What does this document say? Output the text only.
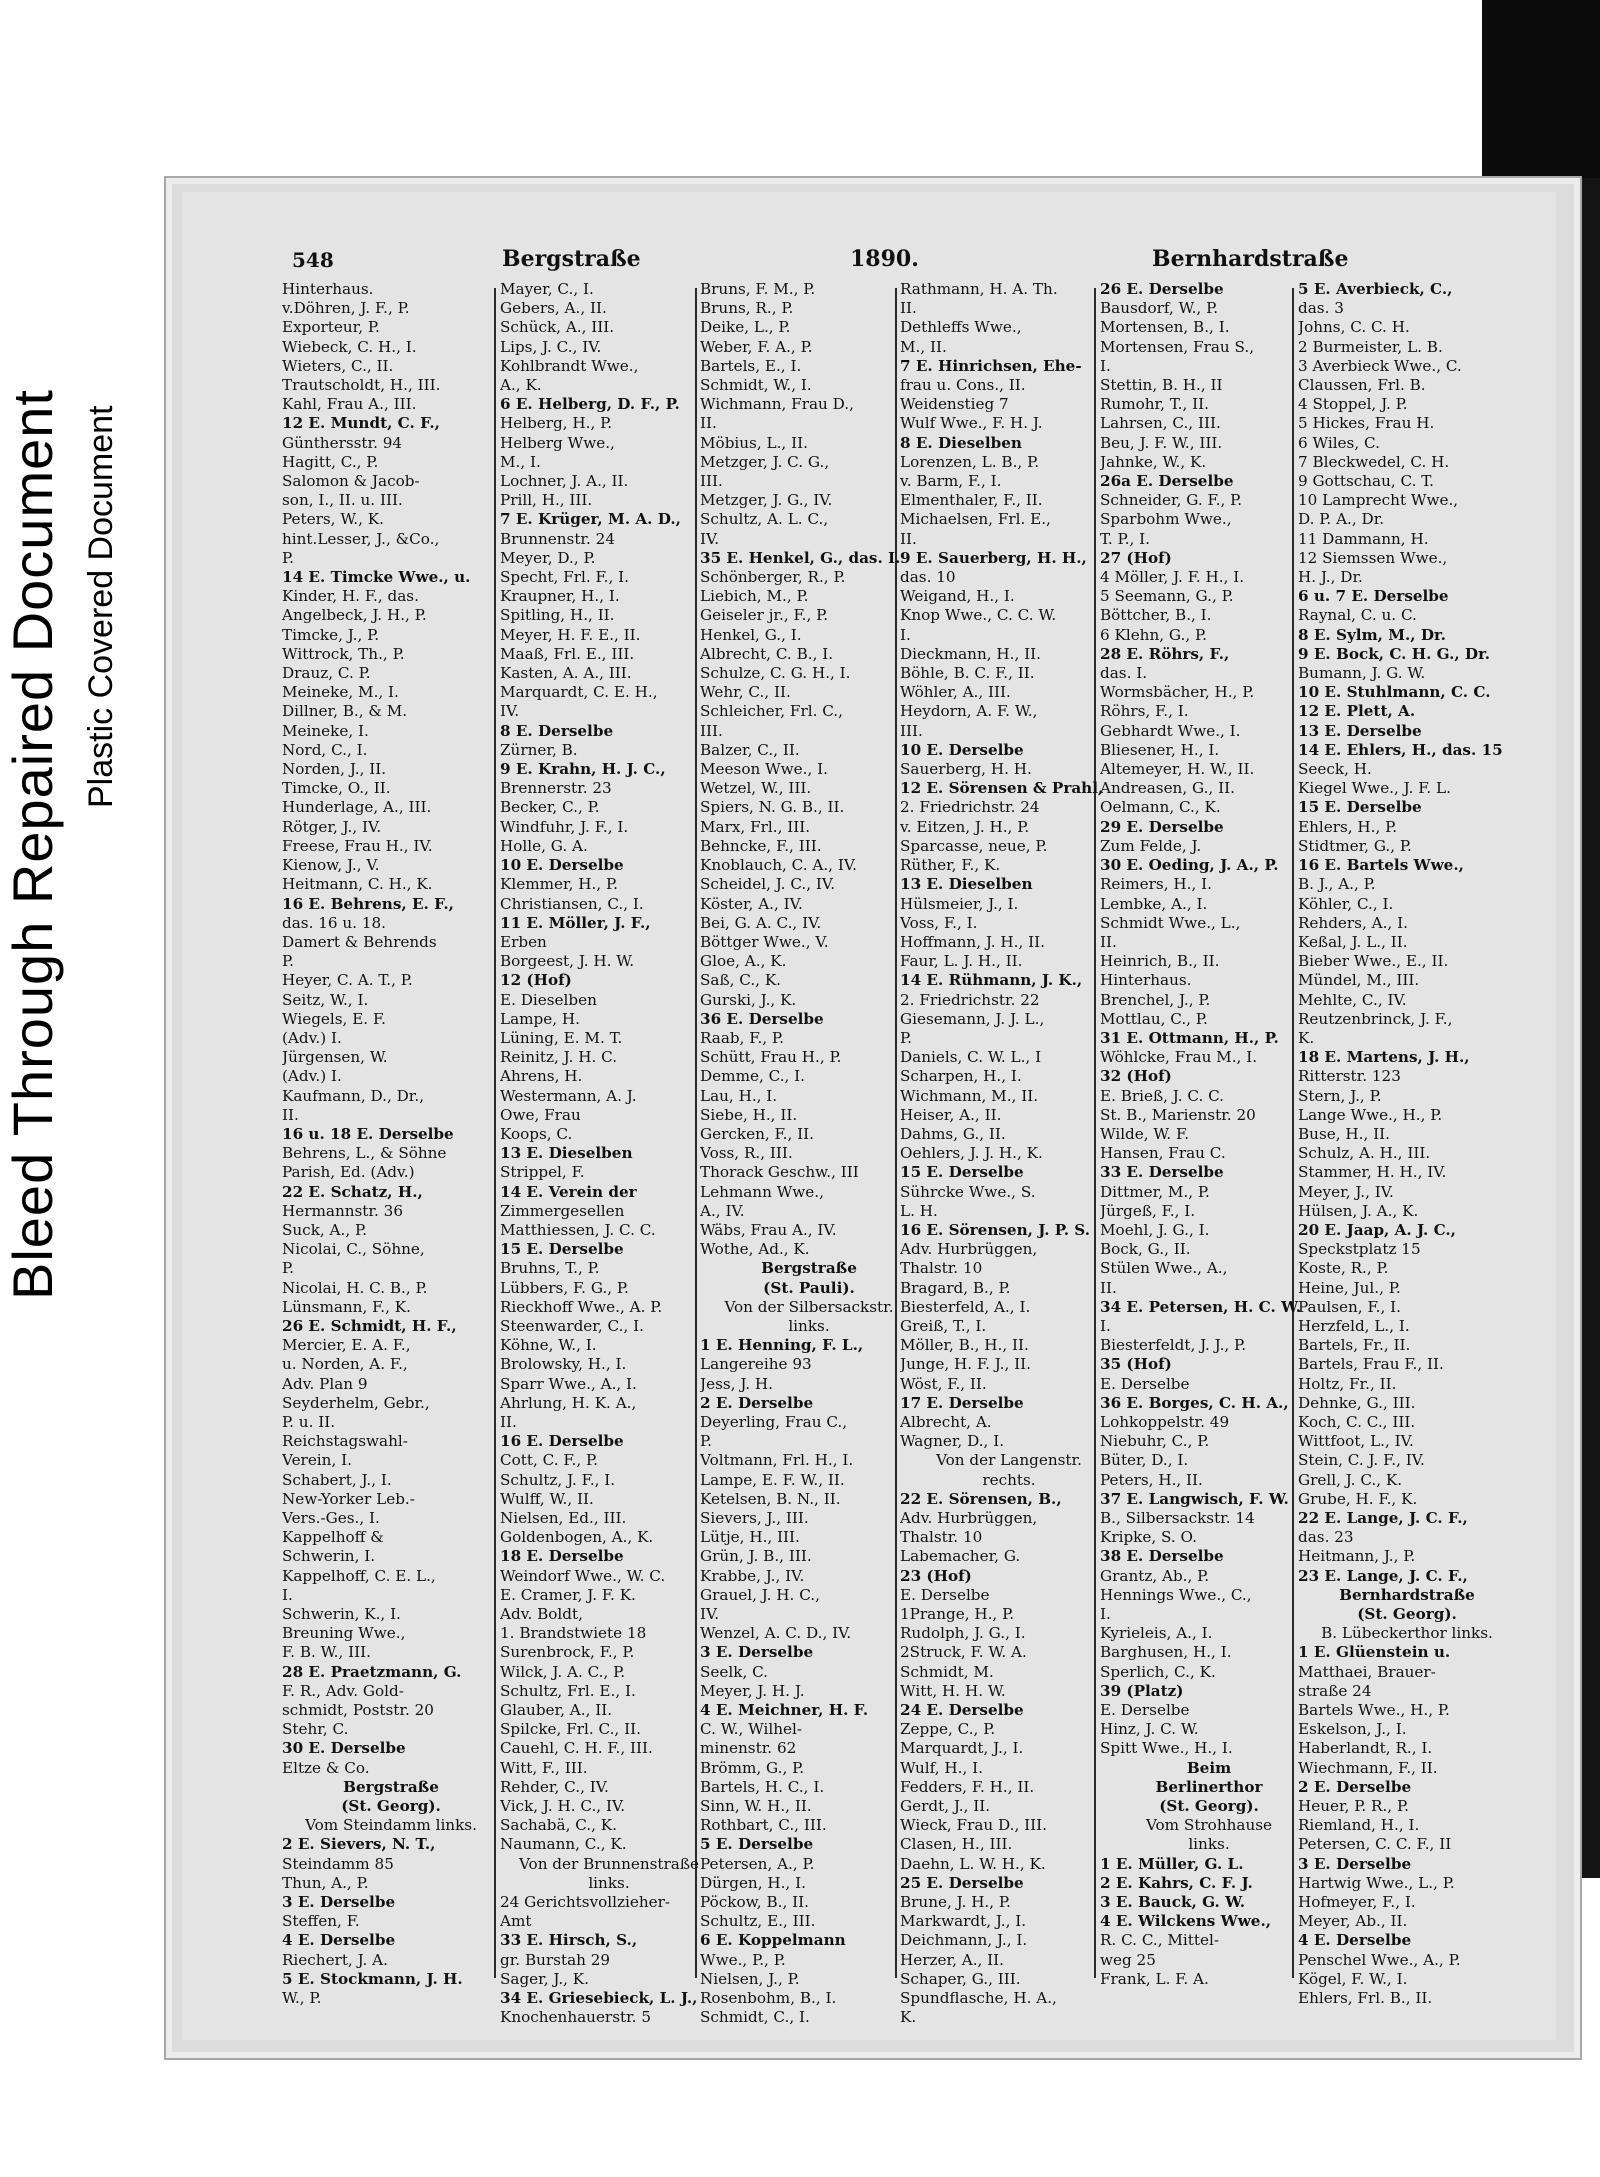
Bleed Through Repaired Document Plastic Covered Document
548	Bergstraße	1890.	Bernhardstraße
Hinterhaus.
v.Döhren, J. F., P.
Exporteur, P.
Wiebeck, C. H., I.
Wieters, C., II.
Trautscholdt, H., III.
Kahl, Frau A., III.
12 E. Mundt, C. F.,
Günthersstr. 94
Hagitt, C., P.
Salomon & Jacob-
son, I., II. u. III.
Peters, W., K.
hint.Lesser, J., &Co.,
P.
14 E. Timcke Wwe., u.
Kinder, H. F., das.
Angelbeck, J. H., P.
Timcke, J., P.
Wittrock, Th., P.
Drauz, C. P.
Meineke, M., I.
Dillner, B., & M.
Meineke, I.
Nord, C., I.
Norden, J., II.
Timcke, O., II.
Hunderlage, A., III.
Rötger, J., IV.
Freese, Frau H., IV.
Kienow, J., V.
Heitmann, C. H., K.
16 E. Behrens, E. F.,
das. 16 u. 18.
Damert & Behrends
P.
Heyer, C. A. T., P.
Seitz, W., I.
Wiegels, E. F.
(Adv.) I.
Jürgensen, W.
(Adv.) I.
Kaufmann, D., Dr.,
II.
16 u. 18 E. Derselbe
Behrens, L., & Söhne
Parish, Ed. (Adv.)
22 E. Schatz, H.,
Hermannstr. 36
Suck, A., P.
Nicolai, C., Söhne,
P.
Nicolai, H. C. B., P.
Lünsmann, F., K.
26 E. Schmidt, H. F.,
Mercier, E. A. F.,
u. Norden, A. F.,
Adv. Plan 9
Seyderhelm, Gebr.,
P. u. II.
Reichstagswahl-
Verein, I.
Schabert, J., I.
New-Yorker Leb.-
Vers.-Ges., I.
Kappelhoff &
Schwerin, I.
Kappelhoff, C. E. L.,
I.
Schwerin, K., I.
Breuning Wwe.,
F. B. W., III.
28 E. Praetzmann, G.
F. R., Adv. Gold-
schmidt, Poststr. 20
Stehr, C.
30 E. Derselbe
Eltze & Co.
Bergstraße
(St. Georg).
Vom Steindamm links.
2 E. Sievers, N. T.,
Steindamm 85
Thun, A., P.
3 E. Derselbe
Steffen, F.
4 E. Derselbe
Riechert, J. A.
5 E. Stockmann, J. H.
W., P.
Mayer, C., I.
Gebers, A., II.
Schück, A., III.
Lips, J. C., IV.
Kohlbrandt Wwe.,
A., K.
6 E. Helberg, D. F., P.
Helberg, H., P.
Helberg Wwe.,
M., I.
Lochner, J. A., II.
Prill, H., III.
7 E. Krüger, M. A. D.,
Brunnenstr. 24
Meyer, D., P.
Specht, Frl. F., I.
Kraupner, H., I.
Spitling, H., II.
Meyer, H. F. E., II.
Maaß, Frl. E., III.
Kasten, A. A., III.
Marquardt, C. E. H.,
IV.
8 E. Derselbe
Zürner, B.
9 E. Krahn, H. J. C.,
Brennerstr. 23
Becker, C., P.
Windfuhr, J. F., I.
Holle, G. A.
10 E. Derselbe
Klemmer, H., P.
Christiansen, C., I.
11 E. Möller, J. F.,
Erben
Borgeest, J. H. W.
12 (Hof)
E. Dieselben
Lampe, H.
Lüning, E. M. T.
Reinitz, J. H. C.
Ahrens, H.
Westermann, A. J.
Owe, Frau
Koops, C.
13 E. Dieselben
Strippel, F.
14 E. Verein der
Zimmergesellen
Matthiessen, J. C. C.
15 E. Derselbe
Bruhns, T., P.
Lübbers, F. G., P.
Rieckhoff Wwe., A. P.
Steenwarder, C., I.
Köhne, W., I.
Brolowsky, H., I.
Sparr Wwe., A., I.
Ahrlung, H. K. A.,
II.
16 E. Derselbe
Cott, C. F., P.
Schultz, J. F., I.
Wulff, W., II.
Nielsen, Ed., III.
Goldenbogen, A., K.
18 E. Derselbe
Weindorf Wwe., W. C.
E. Cramer, J. F. K.
Adv. Boldt,
1. Brandstwiete 18
Surenbrock, F., P.
Wilck, J. A. C., P.
Schultz, Frl. E., I.
Glauber, A., II.
Spilcke, Frl. C., II.
Cauehl, C. H. F., III.
Witt, F., III.
Rehder, C., IV.
Vick, J. H. C., IV.
Sachabä, C., K.
Naumann, C., K.
Von der Brunnenstraße
links.
24 Gerichtsvollzieher-
Amt
33 E. Hirsch, S.,
gr. Burstah 29
Sager, J., K.
34 E. Griesebieck, L. J.,
Knochenhauerstr. 5
Bruns, F. M., P.
Bruns, R., P.
Deike, L., P.
Weber, F. A., P.
Bartels, E., I.
Schmidt, W., I.
Wichmann, Frau D.,
II.
Möbius, L., II.
Metzger, J. C. G.,
III.
Metzger, J. G., IV.
Schultz, A. L. C.,
IV.
35 E. Henkel, G., das. I.
Schönberger, R., P.
Liebich, M., P.
Geiseler jr., F., P.
Henkel, G., I.
Albrecht, C. B., I.
Schulze, C. G. H., I.
Wehr, C., II.
Schleicher, Frl. C.,
III.
Balzer, C., II.
Meeson Wwe., I.
Wetzel, W., III.
Spiers, N. G. B., II.
Marx, Frl., III.
Behncke, F., III.
Knoblauch, C. A., IV.
Scheidel, J. C., IV.
Köster, A., IV.
Bei, G. A. C., IV.
Böttger Wwe., V.
Gloe, A., K.
Saß, C., K.
Gurski, J., K.
36 E. Derselbe
Raab, F., P.
Schütt, Frau H., P.
Demme, C., I.
Lau, H., I.
Siebe, H., II.
Gercken, F., II.
Voss, R., III.
Thorack Geschw., III
Lehmann Wwe.,
A., IV.
Wäbs, Frau A., IV.
Wothe, Ad., K.
Bergstraße
(St. Pauli).
Von der Silbersackstr.
links.
1 E. Henning, F. L.,
Langereihe 93
Jess, J. H.
2 E. Derselbe
Deyerling, Frau C.,
P.
Voltmann, Frl. H., I.
Lampe, E. F. W., II.
Ketelsen, B. N., II.
Sievers, J., III.
Lütje, H., III.
Grün, J. B., III.
Krabbe, J., IV.
Grauel, J. H. C.,
IV.
Wenzel, A. C. D., IV.
3 E. Derselbe
Seelk, C.
Meyer, J. H. J.
4 E. Meichner, H. F.
C. W., Wilhel-
minenstr. 62
Brömm, G., P.
Bartels, H. C., I.
Sinn, W. H., II.
Rothbart, C., III.
5 E. Derselbe
Petersen, A., P.
Dürgen, H., I.
Pöckow, B., II.
Schultz, E., III.
6 E. Koppelmann
Wwe., P., P.
Nielsen, J., P.
Rosenbohm, B., I.
Schmidt, C., I.
Rathmann, H. A. Th.
II.
Dethleffs Wwe.,
M., II.
7 E. Hinrichsen, Ehe-
frau u. Cons., II.
Weidenstieg 7
Wulf Wwe., F. H. J.
8 E. Dieselben
Lorenzen, L. B., P.
v. Barm, F., I.
Elmenthaler, F., II.
Michaelsen, Frl. E.,
II.
9 E. Sauerberg, H. H.,
das. 10
Weigand, H., I.
Knop Wwe., C. C. W.
I.
Dieckmann, H., II.
Böhle, B. C. F., II.
Wöhler, A., III.
Heydorn, A. F. W.,
III.
10 E. Derselbe
Sauerberg, H. H.
12 E. Sörensen & Prahl,
2. Friedrichstr. 24
v. Eitzen, J. H., P.
Sparcasse, neue, P.
Rüther, F., K.
13 E. Dieselben
Hülsmeier, J., I.
Voss, F., I.
Hoffmann, J. H., II.
Faur, L. J. H., II.
14 E. Rühmann, J. K.,
2. Friedrichstr. 22
Giesemann, J. J. L.,
P.
Daniels, C. W. L., I
Scharpen, H., I.
Wichmann, M., II.
Heiser, A., II.
Dahms, G., II.
Oehlers, J. J. H., K.
15 E. Derselbe
Sührcke Wwe., S.
L. H.
16 E. Sörensen, J. P. S.
Adv. Hurbrüggen,
Thalstr. 10
Bragard, B., P.
Biesterfeld, A., I.
Greiß, T., I.
Möller, B., H., II.
Junge, H. F. J., II.
Wöst, F., II.
17 E. Derselbe
Albrecht, A.
Wagner, D., I.
Von der Langenstr.
rechts.
22 E. Sörensen, B.,
Adv. Hurbrüggen,
Thalstr. 10
Labemacher, G.
23 (Hof)
E. Derselbe
1Prange, H., P.
Rudolph, J. G., I.
2Struck, F. W. A.
Schmidt, M.
Witt, H. H. W.
24 E. Derselbe
Zeppe, C., P.
Marquardt, J., I.
Wulf, H., I.
Fedders, F. H., II.
Gerdt, J., II.
Wieck, Frau D., III.
Clasen, H., III.
Daehn, L. W. H., K.
25 E. Derselbe
Brune, J. H., P.
Markwardt, J., I.
Deichmann, J., I.
Herzer, A., II.
Schaper, G., III.
Spundflasche, H. A.,
K.
26 E. Derselbe
Bausdorf, W., P.
Mortensen, B., I.
Mortensen, Frau S.,
I.
Stettin, B. H., II
Rumohr, T., II.
Lahrsen, C., III.
Beu, J. F. W., III.
Jahnke, W., K.
26a E. Derselbe
Schneider, G. F., P.
Sparbohm Wwe.,
T. P., I.
27 (Hof)
4 Möller, J. F. H., I.
5 Seemann, G., P.
Böttcher, B., I.
6 Klehn, G., P.
28 E. Röhrs, F.,
das. I.
Wormsbächer, H., P.
Röhrs, F., I.
Gebhardt Wwe., I.
Bliesener, H., I.
Altemeyer, H. W., II.
Andreasen, G., II.
Oelmann, C., K.
29 E. Derselbe
Zum Felde, J.
30 E. Oeding, J. A., P.
Reimers, H., I.
Lembke, A., I.
Schmidt Wwe., L.,
II.
Heinrich, B., II.
Hinterhaus.
Brenchel, J., P.
Mottlau, C., P.
31 E. Ottmann, H., P.
Wöhlcke, Frau M., I.
32 (Hof)
E. Brieß, J. C. C.
St. B., Marienstr. 20
Wilde, W. F.
Hansen, Frau C.
33 E. Derselbe
Dittmer, M., P.
Jürgeß, F., I.
Moehl, J. G., I.
Bock, G., II.
Stülen Wwe., A.,
II.
34 E. Petersen, H. C. W.
I.
Biesterfeldt, J. J., P.
35 (Hof)
E. Derselbe
36 E. Borges, C. H. A.,
Lohkoppelstr. 49
Niebuhr, C., P.
Büter, D., I.
Peters, H., II.
37 E. Langwisch, F. W.
B., Silbersackstr. 14
Kripke, S. O.
38 E. Derselbe
Grantz, Ab., P.
Hennings Wwe., C.,
I.
Kyrieleis, A., I.
Barghusen, H., I.
Sperlich, C., K.
39 (Platz)
E. Derselbe
Hinz, J. C. W.
Spitt Wwe., H., I.
Beim
Berlinerthor
(St. Georg).
Vom Strohhause
links.
1 E. Müller, G. L.
2 E. Kahrs, C. F. J.
3 E. Bauck, G. W.
4 E. Wilckens Wwe.,
R. C. C., Mittel-
weg 25
Frank, L. F. A.
5 E. Averbieck, C.,
das. 3
Johns, C. C. H.
2 Burmeister, L. B.
3 Averbieck Wwe., C.
Claussen, Frl. B.
4 Stoppel, J. P.
5 Hickes, Frau H.
6 Wiles, C.
7 Bleckwedel, C. H.
9 Gottschau, C. T.
10 Lamprecht Wwe.,
D. P. A., Dr.
11 Dammann, H.
12 Siemssen Wwe.,
H. J., Dr.
6 u. 7 E. Derselbe
Raynal, C. u. C.
8 E. Sylm, M., Dr.
9 E. Bock, C. H. G., Dr.
Bumann, J. G. W.
10 E. Stuhlmann, C. C.
12 E. Plett, A.
13 E. Derselbe
14 E. Ehlers, H., das. 15
Seeck, H.
Kiegel Wwe., J. F. L.
15 E. Derselbe
Ehlers, H., P.
Stidtmer, G., P.
16 E. Bartels Wwe.,
B. J., A., P.
Köhler, C., I.
Rehders, A., I.
Keßal, J. L., II.
Bieber Wwe., E., II.
Mündel, M., III.
Mehlte, C., IV.
Reutzenbrinck, J. F.,
K.
18 E. Martens, J. H.,
Ritterstr. 123
Stern, J., P.
Lange Wwe., H., P.
Buse, H., II.
Schulz, A. H., III.
Stammer, H. H., IV.
Meyer, J., IV.
Hülsen, J. A., K.
20 E. Jaap, A. J. C.,
Speckstplatz 15
Koste, R., P.
Heine, Jul., P.
Paulsen, F., I.
Herzfeld, L., I.
Bartels, Fr., II.
Bartels, Frau F., II.
Holtz, Fr., II.
Dehnke, G., III.
Koch, C. C., III.
Wittfoot, L., IV.
Stein, C. J. F., IV.
Grell, J. C., K.
Grube, H. F., K.
22 E. Lange, J. C. F.,
das. 23
Heitmann, J., P.
23 E. Lange, J. C. F.,
Bernhardstraße
(St. Georg).
B. Lübeckerthor links.
1 E. Glüenstein u.
Matthaei, Brauer-
straße 24
Bartels Wwe., H., P.
Eskelson, J., I.
Haberlandt, R., I.
Wiechmann, F., II.
2 E. Derselbe
Heuer, P. R., P.
Riemland, H., I.
Petersen, C. C. F., II
3 E. Derselbe
Hartwig Wwe., L., P.
Hofmeyer, F., I.
Meyer, Ab., II.
4 E. Derselbe
Penschel Wwe., A., P.
Kögel, F. W., I.
Ehlers, Frl. B., II.
